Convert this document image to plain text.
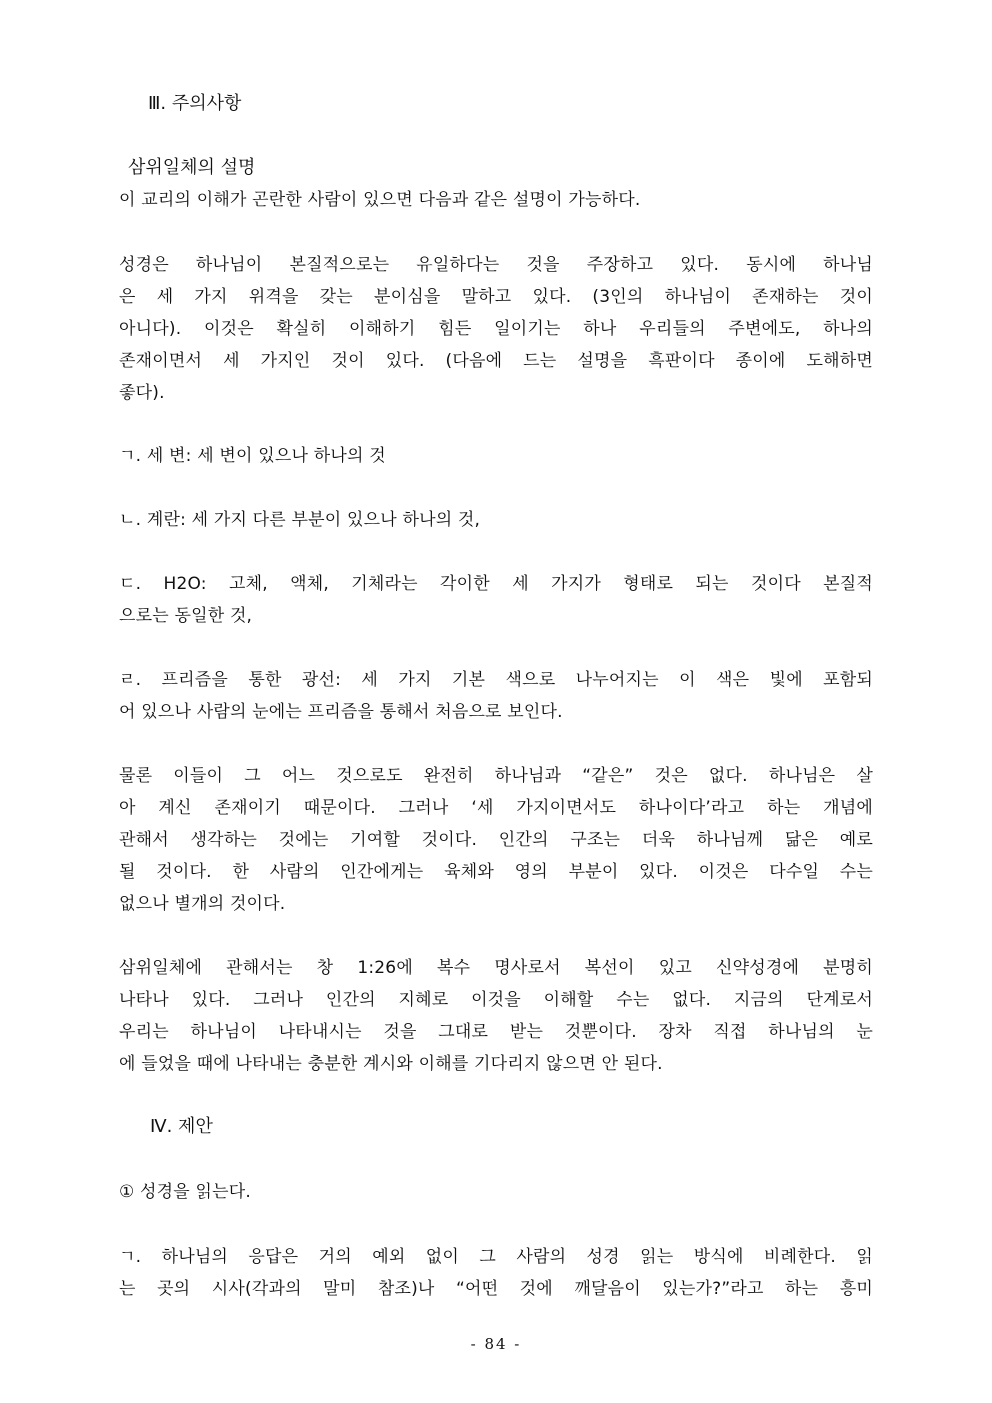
Ⅲ. 주의사항
삼위일체의 설명
이 교리의 이해가 곤란한 사람이 있으면 다음과 같은 설명이 가능하다.
성경은 하나님이 본질적으로는 유일하다는 것을 주장하고 있다. 동시에 하나님
은 세 가지 위격을 갖는 분이심을 말하고 있다. (3인의 하나님이 존재하는 것이
아니다). 이것은 확실히 이해하기 힘든 일이기는 하나 우리들의 주변에도, 하나의
존재이면서 세 가지인 것이 있다. (다음에 드는 설명을 흑판이다 종이에 도해하면
좋다).
ㄱ. 세 변: 세 변이 있으나 하나의 것
ㄴ. 계란: 세 가지 다른 부분이 있으나 하나의 것,
ㄷ. H2O: 고체, 액체, 기체라는 각이한 세 가지가 형태로 되는 것이다 본질적
으로는 동일한 것,
ㄹ. 프리즘을 통한 광선: 세 가지 기본 색으로 나누어지는 이 색은 빛에 포함되
어 있으나 사람의 눈에는 프리즘을 통해서 처음으로 보인다.
물론 이들이 그 어느 것으로도 완전히 하나님과 “같은” 것은 없다. 하나님은 살
아 계신 존재이기 때문이다. 그러나 ‘세 가지이면서도 하나이다’라고 하는 개념에
관해서 생각하는 것에는 기여할 것이다. 인간의 구조는 더욱 하나님께 닮은 예로
될 것이다. 한 사람의 인간에게는 육체와 영의 부분이 있다. 이것은 다수일 수는
없으나 별개의 것이다.
삼위일체에 관해서는 창 1:26에 복수 명사로서 복선이 있고 신약성경에 분명히
나타나 있다. 그러나 인간의 지혜로 이것을 이해할 수는 없다. 지금의 단계로서
우리는 하나님이 나타내시는 것을 그대로 받는 것뿐이다. 장차 직접 하나님의 눈
에 들었을 때에 나타내는 충분한 계시와 이해를 기다리지 않으면 안 된다.
Ⅳ. 제안
① 성경을 읽는다.
ㄱ. 하나님의 응답은 거의 예외 없이 그 사람의 성경 읽는 방식에 비례한다. 읽
는 곳의 시사(각과의 말미 참조)나 “어떤 것에 깨달음이 있는가?”라고 하는 흥미
- 84 -
